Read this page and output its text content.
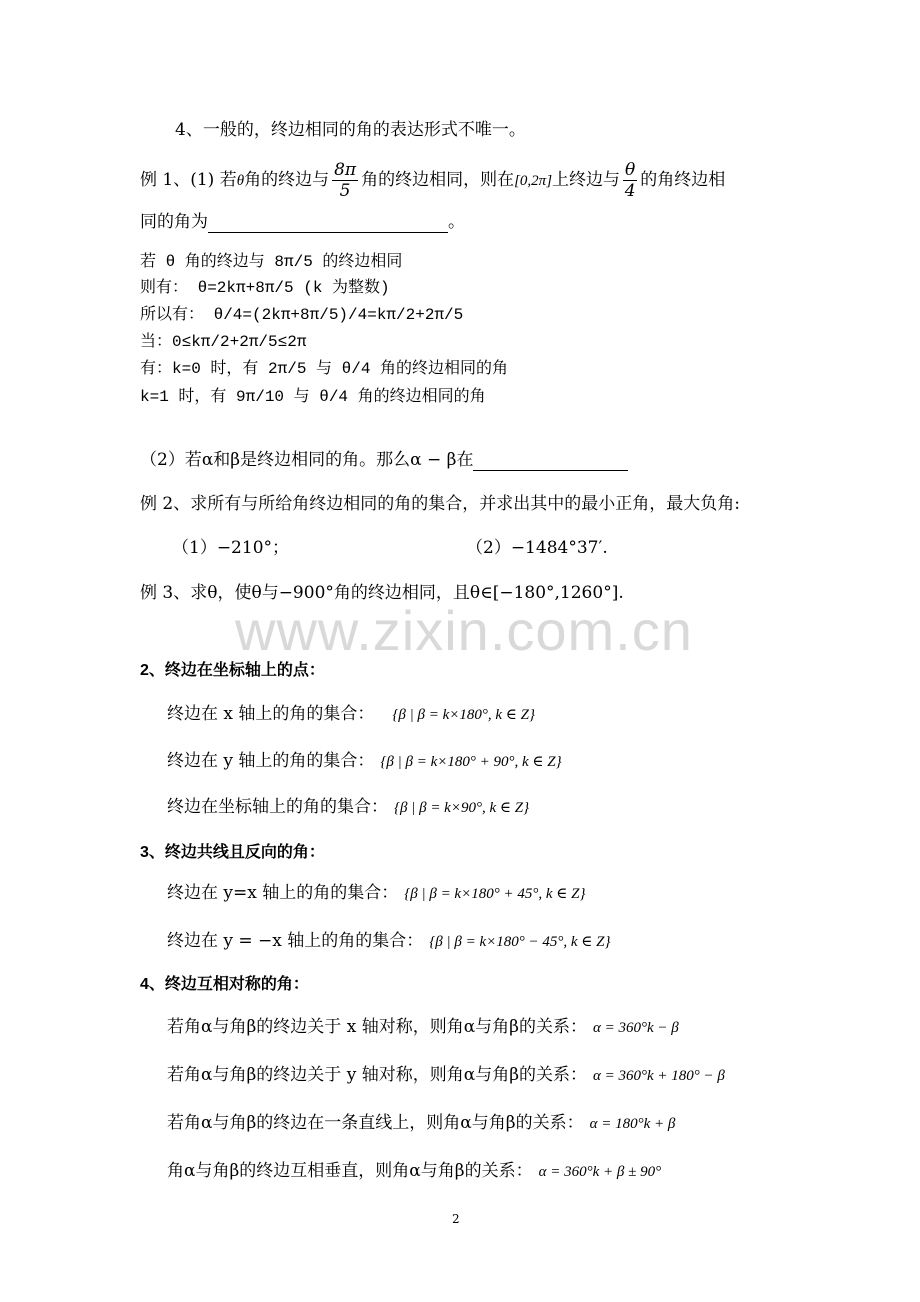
4、一般的，终边相同的角的表达形式不唯一。
例 1、(1) 若θ角的终边与 $\frac{8\pi}{5}$ 角的终边相同，则在[0,2π]上终边与 $\frac{\theta}{4}$ 的角终边相
同的角为	。
若 θ 角的终边与 8π/5 的终边相同
则有： θ=2kπ+8π/5 (k 为整数)
所以有： θ/4=(2kπ+8π/5)/4=kπ/2+2π/5
当：0≤kπ/2+2π/5≤2π
有：k=0 时，有 2π/5 与 θ/4 角的终边相同的角
k=1 时，有 9π/10 与 θ/4 角的终边相同的角
（2）若α和β是终边相同的角。那么α − β在
例 2、求所有与所给角终边相同的角的集合，并求出其中的最小正角，最大负角:
（1）−210°；	（2）−1484°37′.
例 3、求θ，使θ与−900°角的终边相同，且θ∈[−180°,1260°].
www.zixin.com.cn
2、终边在坐标轴上的点：
终边在 x 轴上的角的集合： {β | β = k×180°, k ∈ Z}
终边在 y 轴上的角的集合： {β | β = k×180° + 90°, k ∈ Z}
终边在坐标轴上的角的集合： {β | β = k×90°, k ∈ Z}
3、终边共线且反向的角：
终边在 y=x 轴上的角的集合： {β | β = k×180° + 45°, k ∈ Z}
终边在 y = −x 轴上的角的集合： {β | β = k×180° − 45°, k ∈ Z}
4、终边互相对称的角：
若角α与角β的终边关于 x 轴对称，则角α与角β的关系： α = 360°k − β
若角α与角β的终边关于 y 轴对称，则角α与角β的关系： α = 360°k + 180° − β
若角α与角β的终边在一条直线上，则角α与角β的关系： α = 180°k + β
角α与角β的终边互相垂直，则角α与角β的关系： α = 360°k + β ± 90°
2
